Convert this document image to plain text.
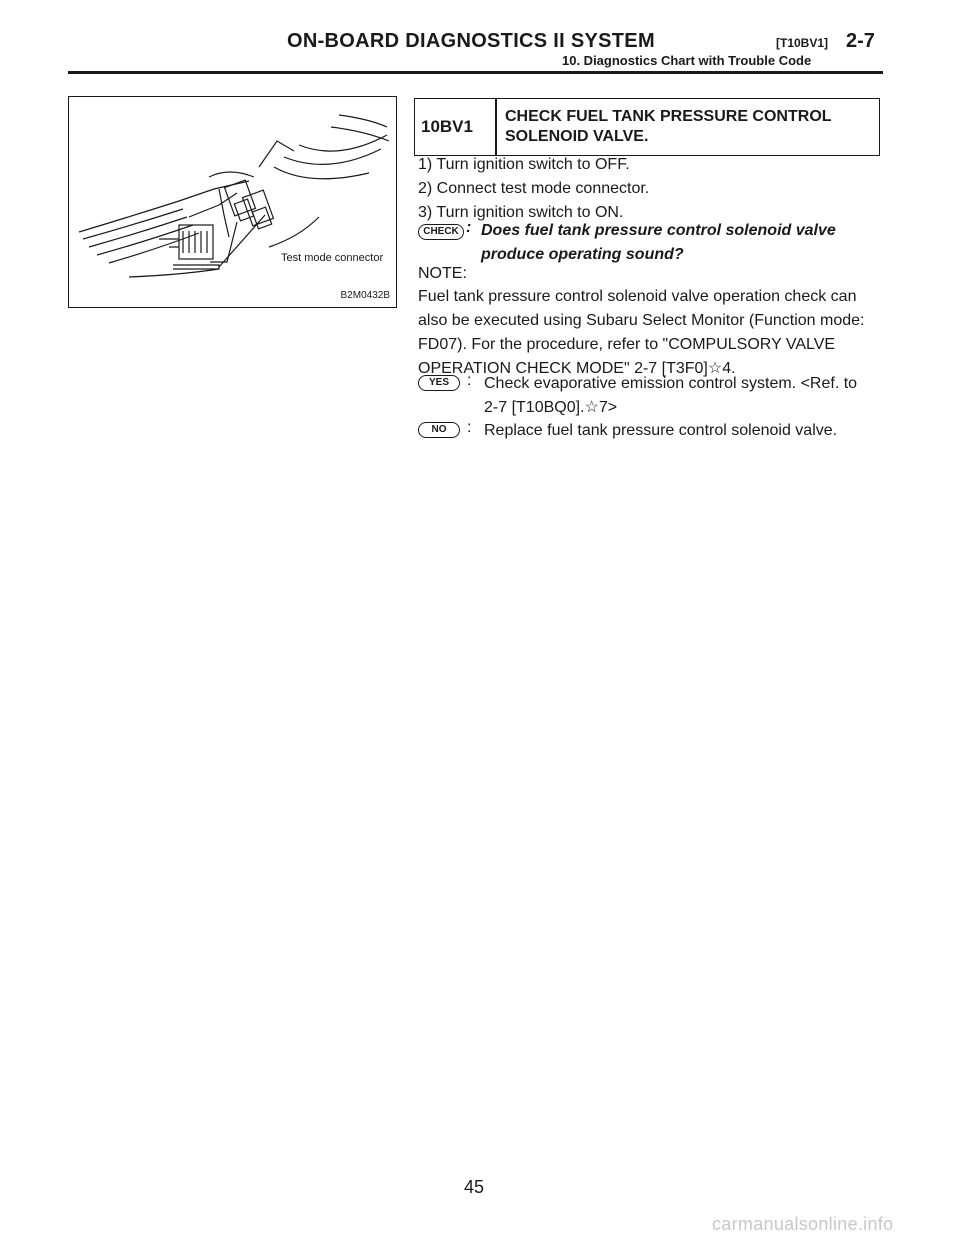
ON-BOARD DIAGNOSTICS II SYSTEM	[T10BV1] 2-7
10. Diagnostics Chart with Trouble Code
Test mode connector
B2M0432B
10BV1
CHECK FUEL TANK PRESSURE CONTROL SOLENOID VALVE.
1) Turn ignition switch to OFF.
2) Connect test mode connector.
3) Turn ignition switch to ON.
CHECK : Does fuel tank pressure control solenoid valve produce operating sound?
NOTE:
Fuel tank pressure control solenoid valve operation check can also be executed using Subaru Select Monitor (Function mode: FD07). For the procedure, refer to "COMPULSORY VALVE OPERATION CHECK MODE" 2-7 [T3F0]☆4.
YES	: Check evaporative emission control system. <Ref. to 2-7 [T10BQ0].☆7>
NO	: Replace fuel tank pressure control solenoid valve.
45
carmanualsonline.info
